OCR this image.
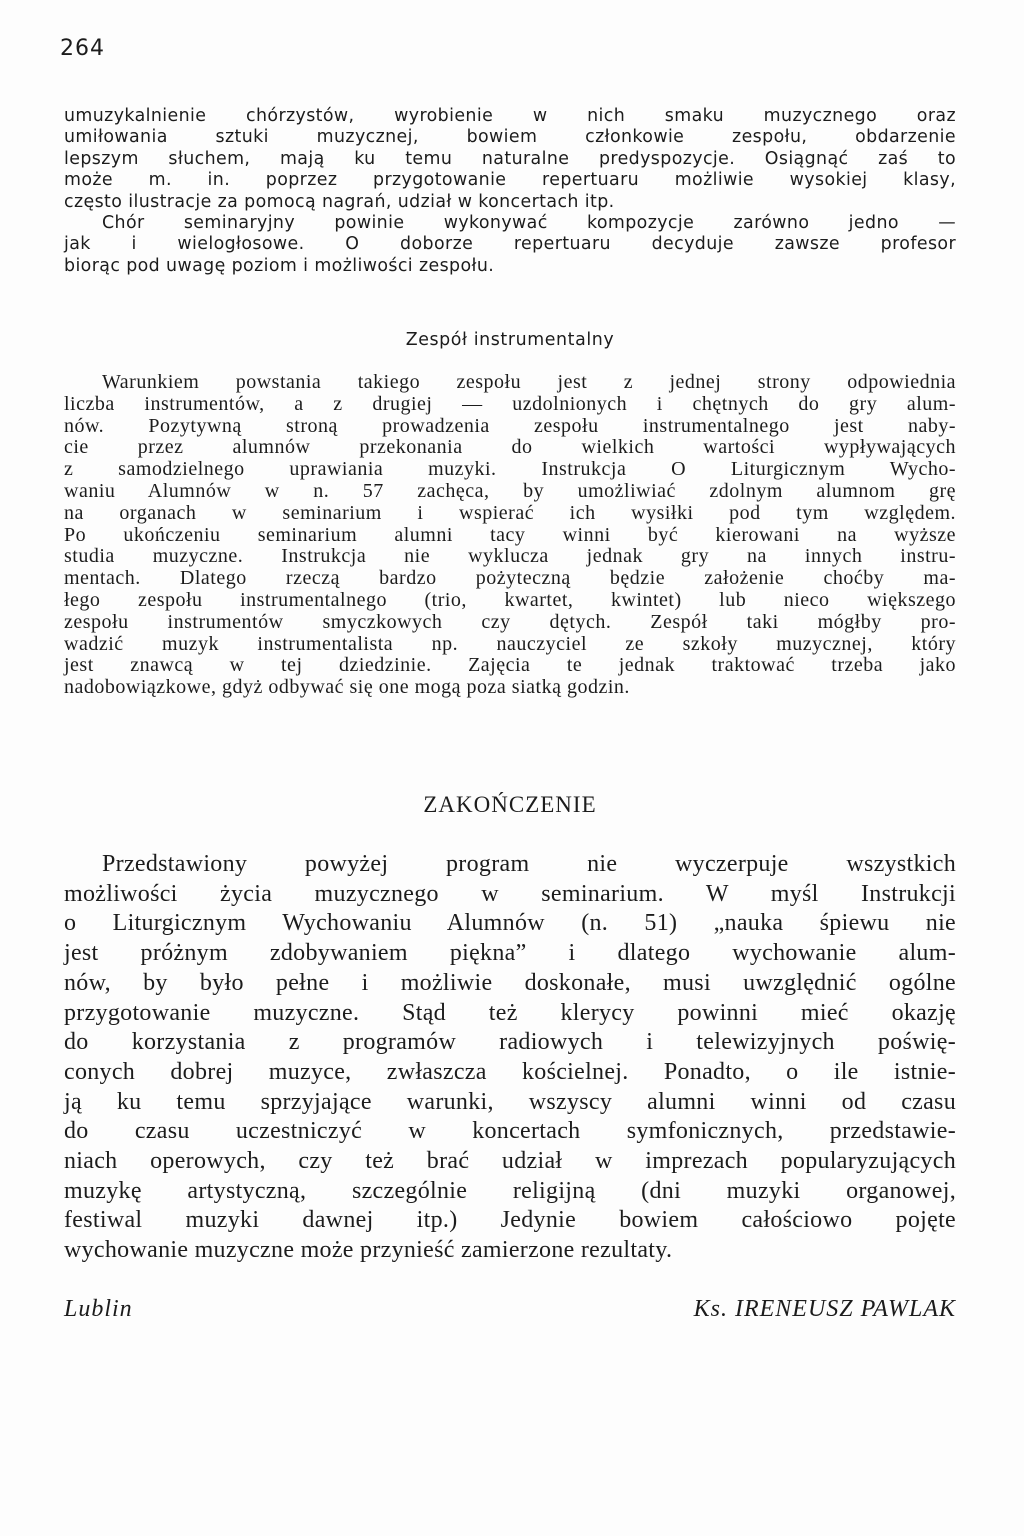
264
umuzykalnienie chórzystów, wyrobienie w nich smaku muzycznego oraz
umiłowania sztuki muzycznej, bowiem członkowie zespołu, obdarzenie
lepszym słuchem, mają ku temu naturalne predyspozycje. Osiągnąć zaś to
może m. in. poprzez przygotowanie repertuaru możliwie wysokiej klasy,
często ilustracje za pomocą nagrań, udział w koncertach itp.
Chór seminaryjny powinie wykonywać kompozycje zarówno jedno —
jak i wielogłosowe. O doborze repertuaru decyduje zawsze profesor
biorąc pod uwagę poziom i możliwości zespołu.
Zespół instrumentalny
Warunkiem powstania takiego zespołu jest z jednej strony odpowiednia
liczba instrumentów, a z drugiej — uzdolnionych i chętnych do gry alum-
nów. Pozytywną stroną prowadzenia zespołu instrumentalnego jest naby-
cie przez alumnów przekonania do wielkich wartości wypływających
z samodzielnego uprawiania muzyki. Instrukcja O Liturgicznym Wycho-
waniu Alumnów w n. 57 zachęca, by umożliwiać zdolnym alumnom grę
na organach w seminarium i wspierać ich wysiłki pod tym względem.
Po ukończeniu seminarium alumni tacy winni być kierowani na wyższe
studia muzyczne. Instrukcja nie wyklucza jednak gry na innych instru-
mentach. Dlatego rzeczą bardzo pożyteczną będzie założenie choćby ma-
łego zespołu instrumentalnego (trio, kwartet, kwintet) lub nieco większego
zespołu instrumentów smyczkowych czy dętych. Zespół taki mógłby pro-
wadzić muzyk instrumentalista np. nauczyciel ze szkoły muzycznej, który
jest znawcą w tej dziedzinie. Zajęcia te jednak traktować trzeba jako
nadobowiązkowe, gdyż odbywać się one mogą poza siatką godzin.
ZAKOŃCZENIE
Przedstawiony powyżej program nie wyczerpuje wszystkich
możliwości życia muzycznego w seminarium. W myśl Instrukcji
o Liturgicznym Wychowaniu Alumnów (n. 51) „nauka śpiewu nie
jest próżnym zdobywaniem piękna” i dlatego wychowanie alum-
nów, by było pełne i możliwie doskonałe, musi uwzględnić ogólne
przygotowanie muzyczne. Stąd też klerycy powinni mieć okazję
do korzystania z programów radiowych i telewizyjnych poświę-
conych dobrej muzyce, zwłaszcza kościelnej. Ponadto, o ile istnie-
ją ku temu sprzyjające warunki, wszyscy alumni winni od czasu
do czasu uczestniczyć w koncertach symfonicznych, przedstawie-
niach operowych, czy też brać udział w imprezach popularyzujących
muzykę artystyczną, szczególnie religijną (dni muzyki organowej,
festiwal muzyki dawnej itp.) Jedynie bowiem całościowo pojęte
wychowanie muzyczne może przynieść zamierzone rezultaty.
Lublin	Ks. IRENEUSZ PAWLAK
